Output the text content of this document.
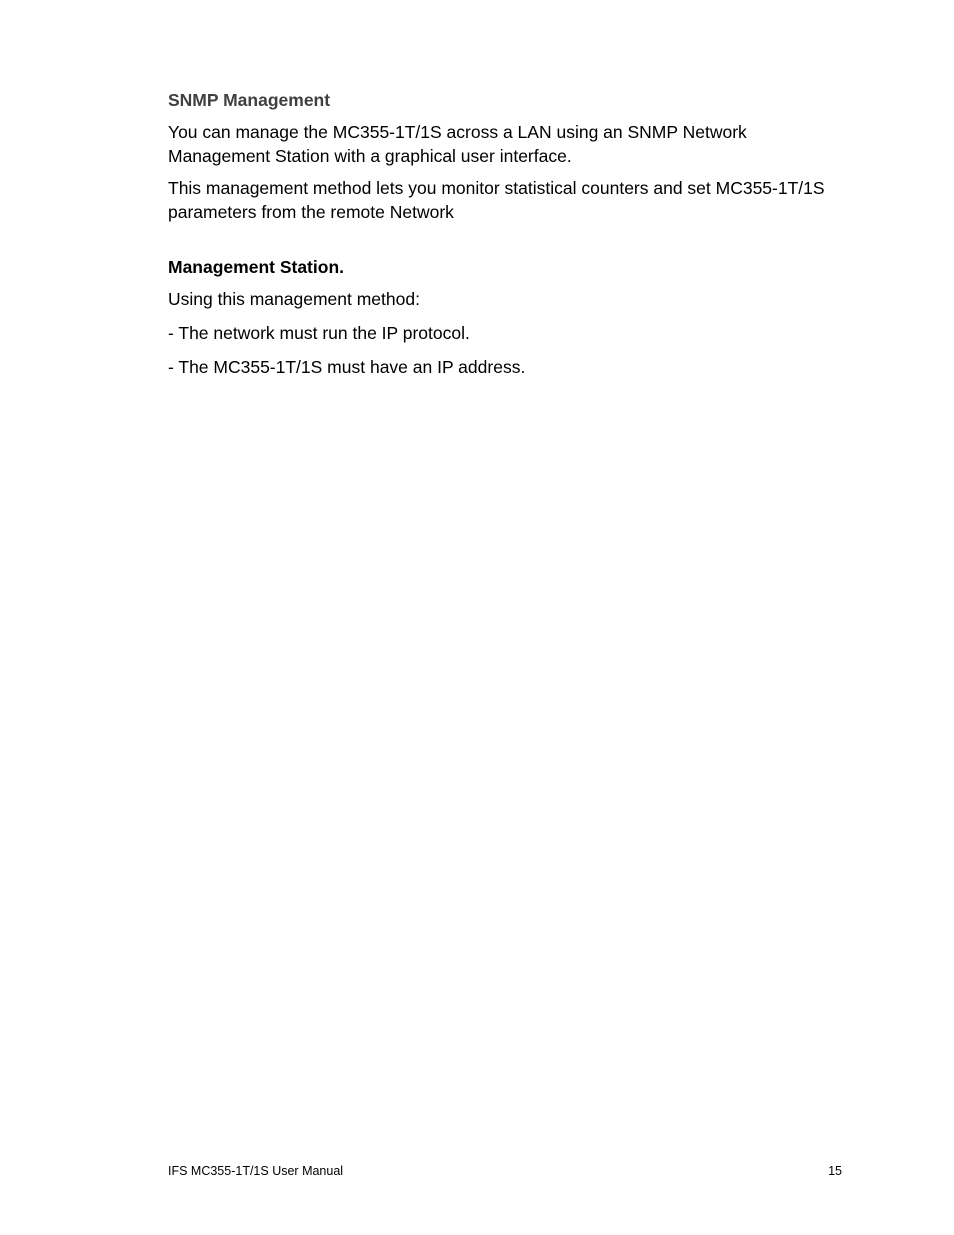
SNMP Management
You can manage the MC355-1T/1S across a LAN using an SNMP Network Management Station with a graphical user interface.
This management method lets you monitor statistical counters and set MC355-1T/1S parameters from the remote Network
Management Station.
Using this management method:
- The network must run the IP protocol.
- The MC355-1T/1S must have an IP address.
IFS MC355-1T/1S User Manual	15
